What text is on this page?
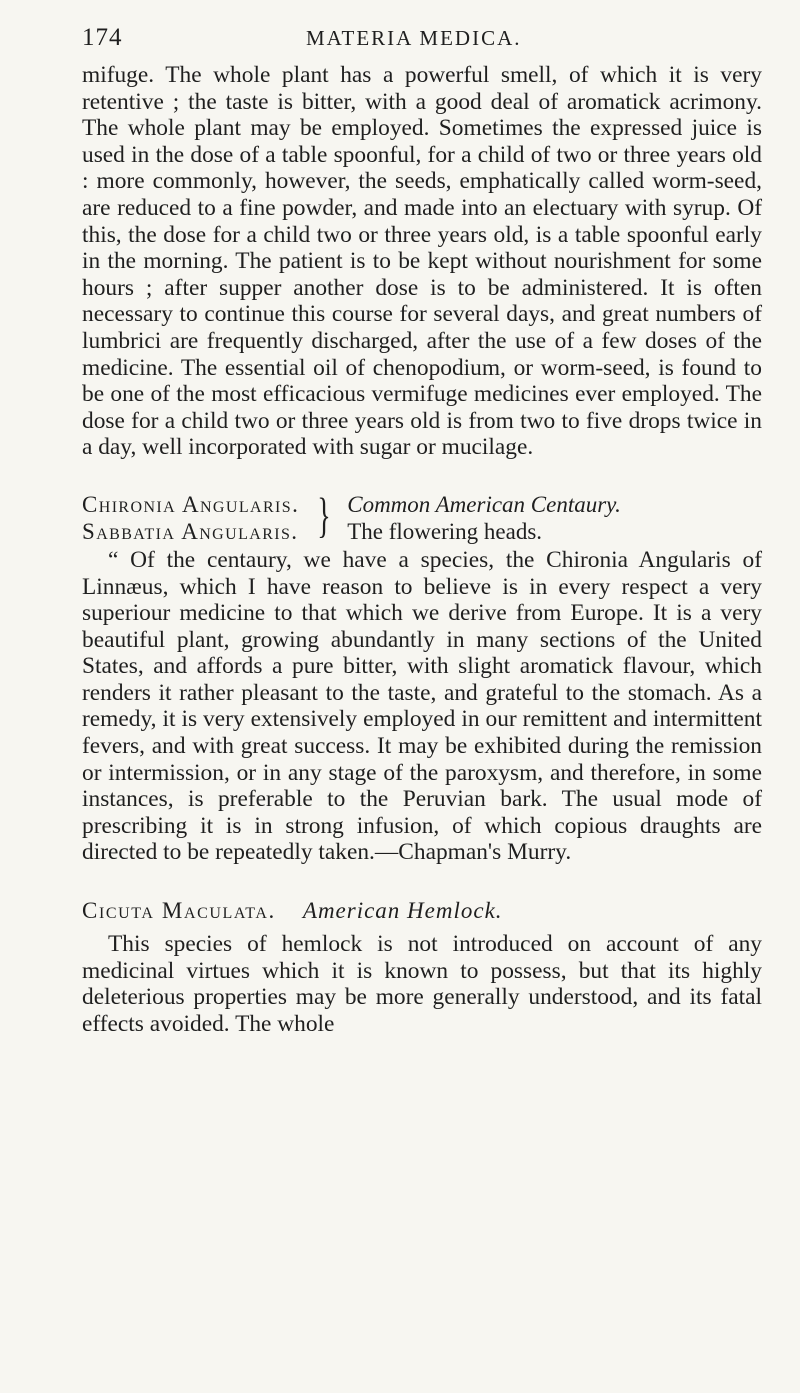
174	MATERIA MEDICA.

mifuge. The whole plant has a powerful smell, of which it is very retentive ; the taste is bitter, with a good deal of aromatick acrimony. The whole plant may be employed. Sometimes the expressed juice is used in the dose of a table spoonful, for a child of two or three years old : more commonly, however, the seeds, emphatically called worm-seed, are reduced to a fine powder, and made into an electuary with syrup. Of this, the dose for a child two or three years old, is a table spoonful early in the morning. The patient is to be kept without nourishment for some hours ; after supper another dose is to be administered. It is often necessary to continue this course for several days, and great numbers of lumbrici are frequently discharged, after the use of a few doses of the medicine. The essential oil of chenopodium, or worm-seed, is found to be one of the most efficacious vermifuge medicines ever employed. The dose for a child two or three years old is from two to five drops twice in a day, well incorporated with sugar or mucilage.

Chironia Angularis.
Sabbatia Angularis. } Common American Centaury.
The flowering heads.

“ Of the centaury, we have a species, the Chironia Angularis of Linnæus, which I have reason to believe is in every respect a very superiour medicine to that which we derive from Europe. It is a very beautiful plant, growing abundantly in many sections of the United States, and affords a pure bitter, with slight aromatick flavour, which renders it rather pleasant to the taste, and grateful to the stomach. As a remedy, it is very extensively employed in our remittent and intermittent fevers, and with great success. It may be exhibited during the remission or intermission, or in any stage of the paroxysm, and therefore, in some instances, is preferable to the Peruvian bark. The usual mode of prescribing it is in strong infusion, of which copious draughts are directed to be repeatedly taken.—Chapman's Murry.

Cicuta Maculata. American Hemlock.

This species of hemlock is not introduced on account of any medicinal virtues which it is known to possess, but that its highly deleterious properties may be more generally understood, and its fatal effects avoided. The whole
